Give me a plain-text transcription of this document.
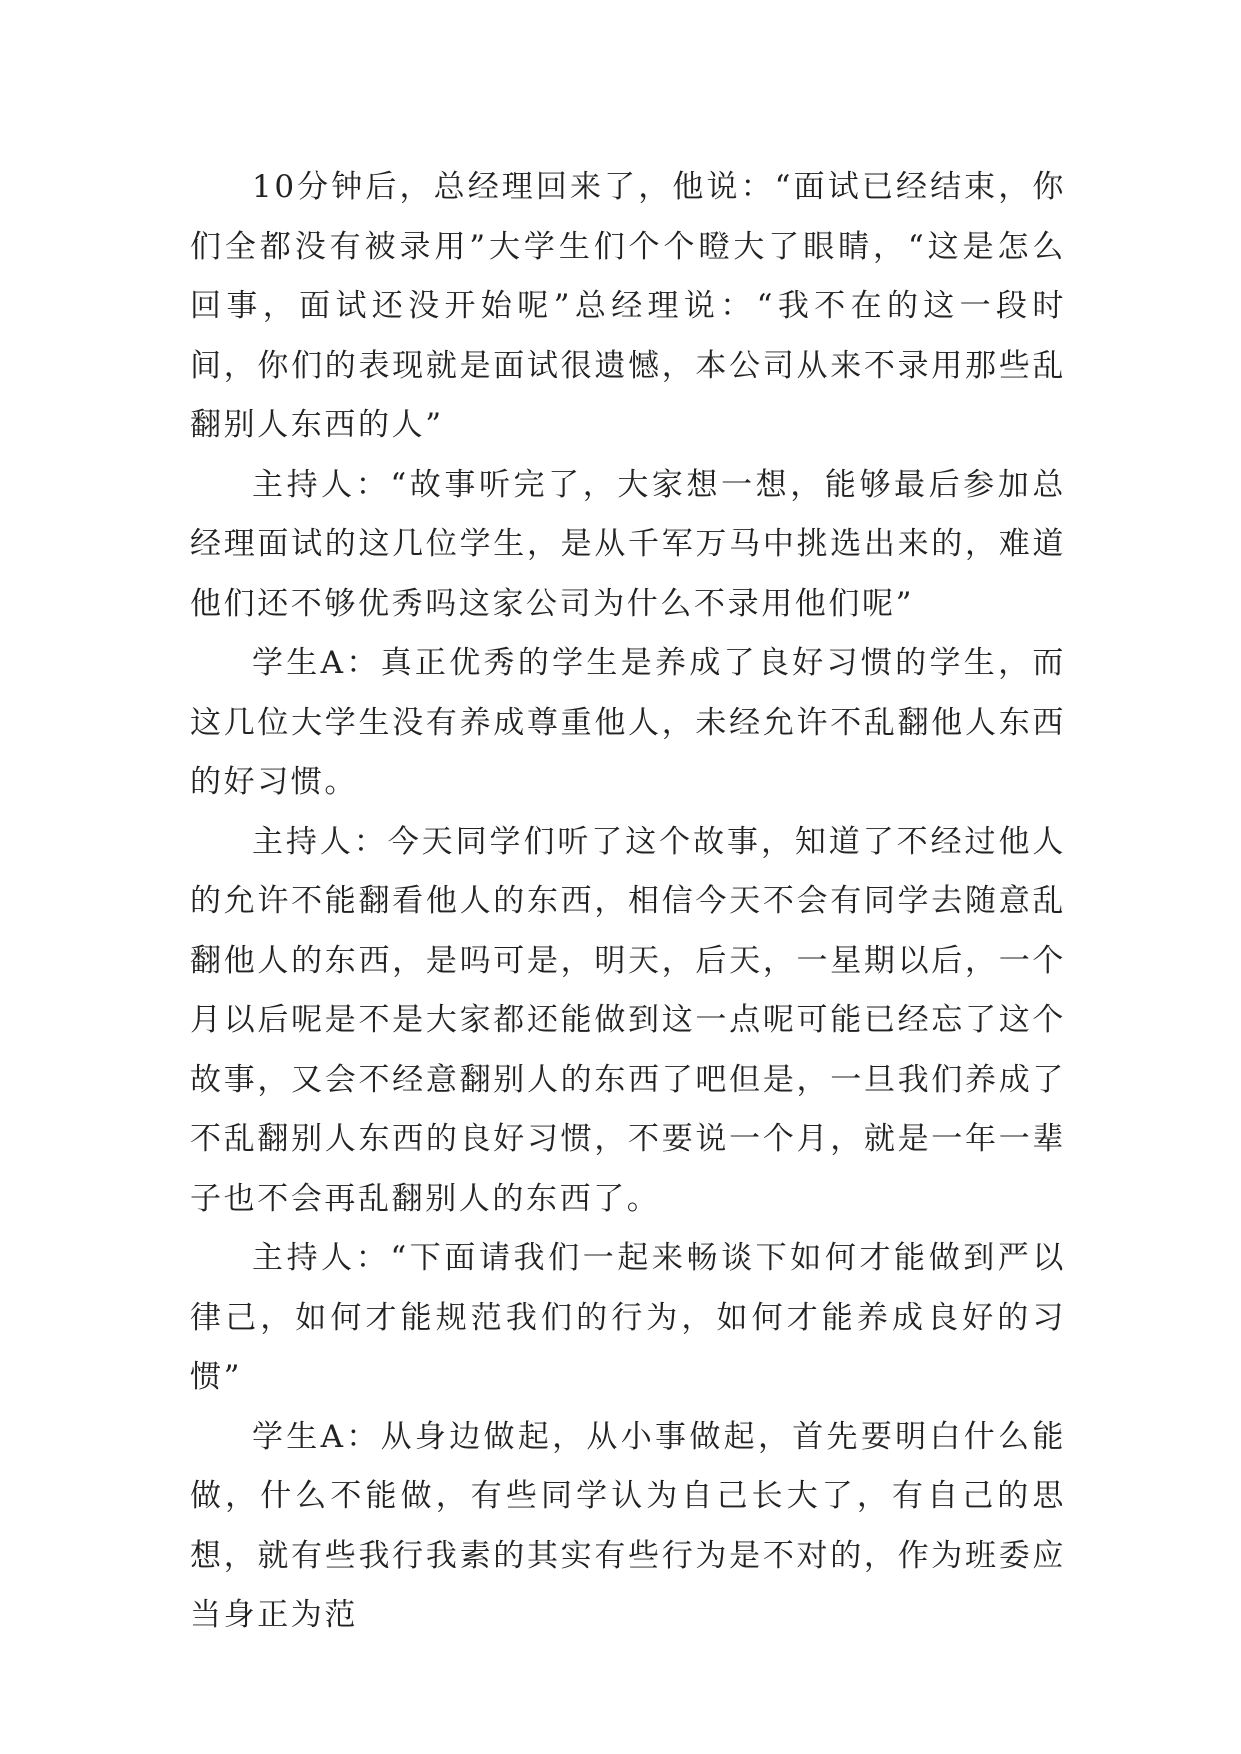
10分钟后，总经理回来了，他说：“面试已经结束，你们全都没有被录用”大学生们个个瞪大了眼睛，“这是怎么回事，面试还没开始呢”总经理说：“我不在的这一段时间，你们的表现就是面试很遗憾，本公司从来不录用那些乱翻别人东西的人”

主持人：“故事听完了，大家想一想，能够最后参加总经理面试的这几位学生，是从千军万马中挑选出来的，难道他们还不够优秀吗这家公司为什么不录用他们呢”

学生A：真正优秀的学生是养成了良好习惯的学生，而这几位大学生没有养成尊重他人，未经允许不乱翻他人东西的好习惯。

主持人：今天同学们听了这个故事，知道了不经过他人的允许不能翻看他人的东西，相信今天不会有同学去随意乱翻他人的东西，是吗可是，明天，后天，一星期以后，一个月以后呢是不是大家都还能做到这一点呢可能已经忘了这个故事，又会不经意翻别人的东西了吧但是，一旦我们养成了不乱翻别人东西的良好习惯，不要说一个月，就是一年一辈子也不会再乱翻别人的东西了。

主持人：“下面请我们一起来畅谈下如何才能做到严以律己，如何才能规范我们的行为，如何才能养成良好的习惯”

学生A：从身边做起，从小事做起，首先要明白什么能做，什么不能做，有些同学认为自己长大了，有自己的思想，就有些我行我素的其实有些行为是不对的，作为班委应当身正为范
